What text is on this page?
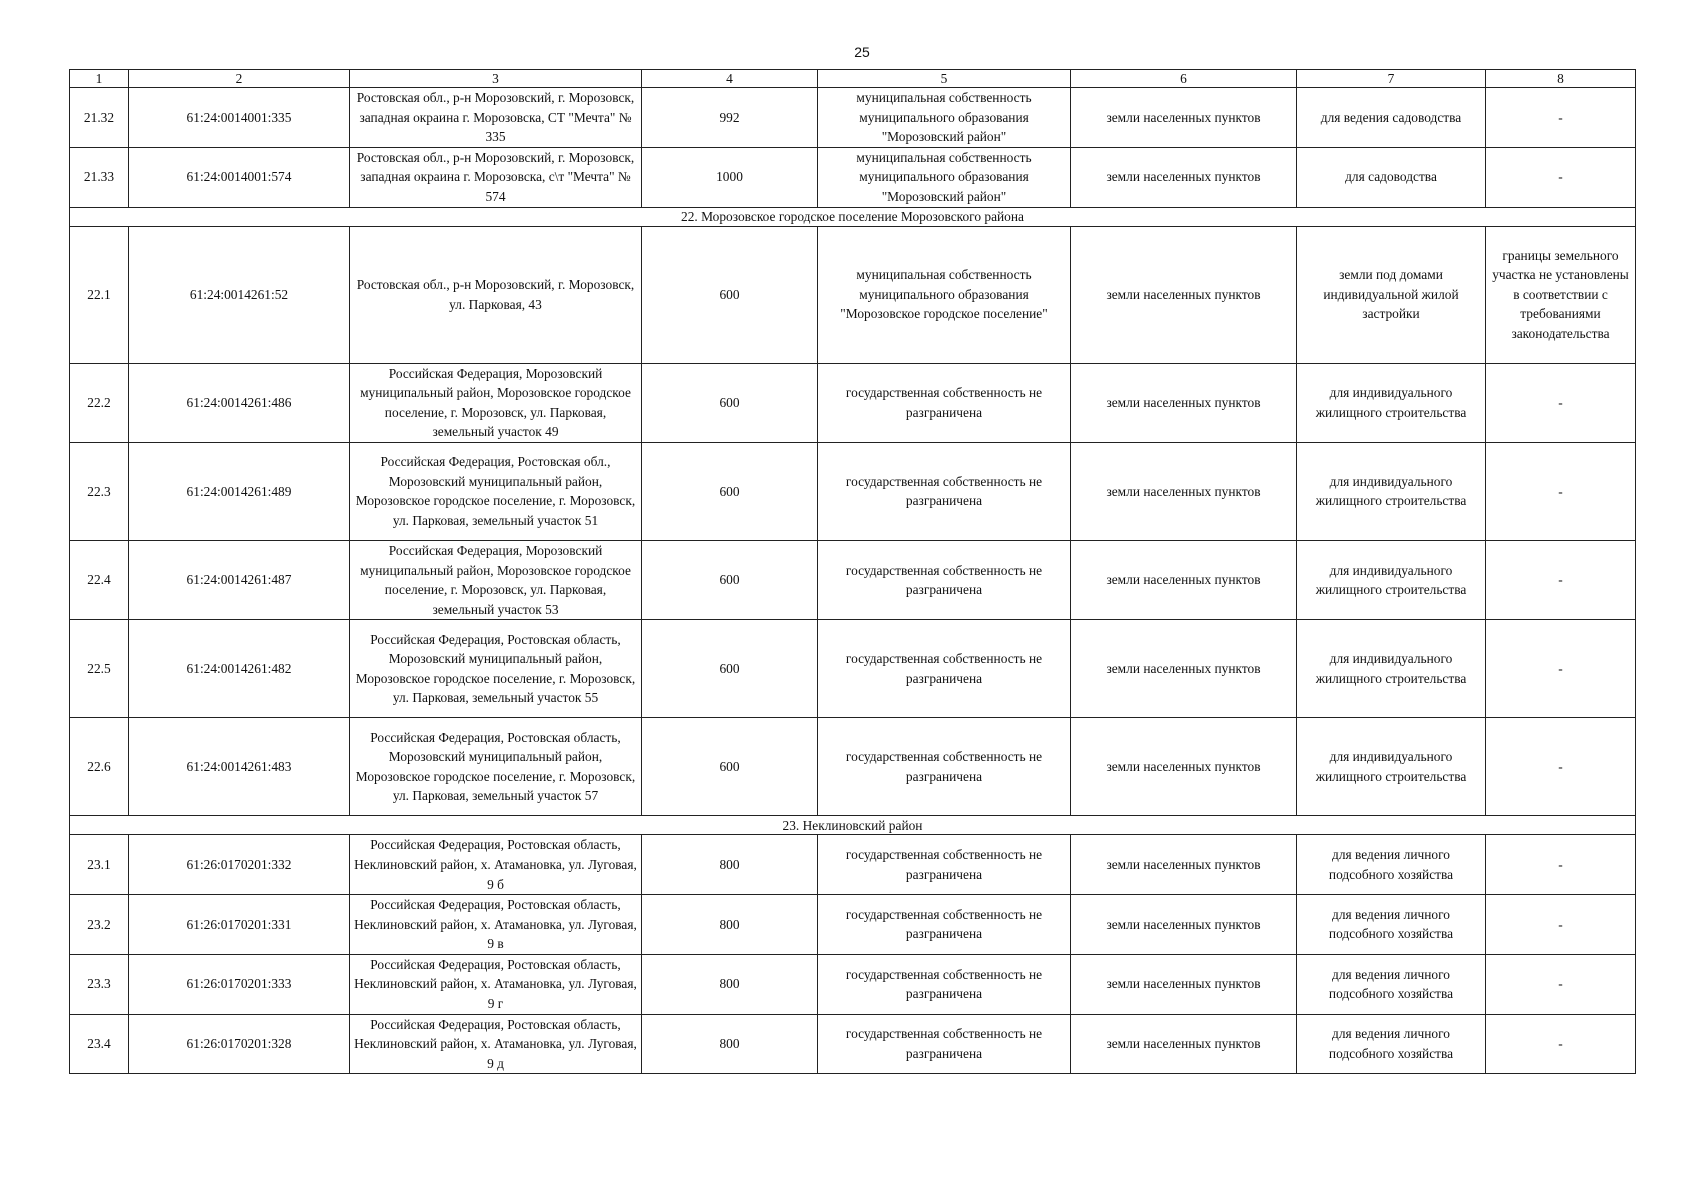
25
1	2	3	4	5	6	7	8
21.32	61:24:0014001:335	Ростовская обл., р-н Морозовский, г. Морозовск, западная окраина г. Морозовска, СТ "Мечта" № 335	992	муниципальная собственность муниципального образования "Морозовский район"	земли населенных пунктов	для ведения садоводства	-
21.33	61:24:0014001:574	Ростовская обл., р-н Морозовский, г. Морозовск, западная окраина г. Морозовска, с\т "Мечта" № 574	1000	муниципальная собственность муниципального образования "Морозовский район"	земли населенных пунктов	для садоводства	-
22. Морозовское городское поселение Морозовского района							
22.1	61:24:0014261:52	Ростовская обл., р-н Морозовский, г. Морозовск, ул. Парковая, 43	600	муниципальная собственность муниципального образования "Морозовское городское поселение"	земли населенных пунктов	земли под домами индивидуальной жилой застройки	границы земельного участка не установлены в соответствии с требованиями законодательства
22.2	61:24:0014261:486	Российская Федерация, Морозовский муниципальный район, Морозовское городское поселение, г. Морозовск, ул. Парковая, земельный участок 49	600	государственная собственность не разграничена	земли населенных пунктов	для индивидуального жилищного строительства	-
22.3	61:24:0014261:489	Российская Федерация, Ростовская обл., Морозовский муниципальный район, Морозовское городское поселение, г. Морозовск, ул. Парковая, земельный участок 51	600	государственная собственность не разграничена	земли населенных пунктов	для индивидуального жилищного строительства	-
22.4	61:24:0014261:487	Российская Федерация, Морозовский муниципальный район, Морозовское городское поселение, г. Морозовск, ул. Парковая, земельный участок 53	600	государственная собственность не разграничена	земли населенных пунктов	для индивидуального жилищного строительства	-
22.5	61:24:0014261:482	Российская Федерация, Ростовская область, Морозовский муниципальный район, Морозовское городское поселение, г. Морозовск, ул. Парковая, земельный участок 55	600	государственная собственность не разграничена	земли населенных пунктов	для индивидуального жилищного строительства	-
22.6	61:24:0014261:483	Российская Федерация, Ростовская область, Морозовский муниципальный район, Морозовское городское поселение, г. Морозовск, ул. Парковая, земельный участок 57	600	государственная собственность не разграничена	земли населенных пунктов	для индивидуального жилищного строительства	-
23. Неклиновский район							
23.1	61:26:0170201:332	Российская Федерация, Ростовская область, Неклиновский район, х. Атамановка, ул. Луговая, 9 б	800	государственная собственность не разграничена	земли населенных пунктов	для ведения личного подсобного хозяйства	-
23.2	61:26:0170201:331	Российская Федерация, Ростовская область, Неклиновский район, х. Атамановка, ул. Луговая, 9 в	800	государственная собственность не разграничена	земли населенных пунктов	для ведения личного подсобного хозяйства	-
23.3	61:26:0170201:333	Российская Федерация, Ростовская область, Неклиновский район, х. Атамановка, ул. Луговая, 9 г	800	государственная собственность не разграничена	земли населенных пунктов	для ведения личного подсобного хозяйства	-
23.4	61:26:0170201:328	Российская Федерация, Ростовская область, Неклиновский район, х. Атамановка, ул. Луговая, 9 д	800	государственная собственность не разграничена	земли населенных пунктов	для ведения личного подсобного хозяйства	-
